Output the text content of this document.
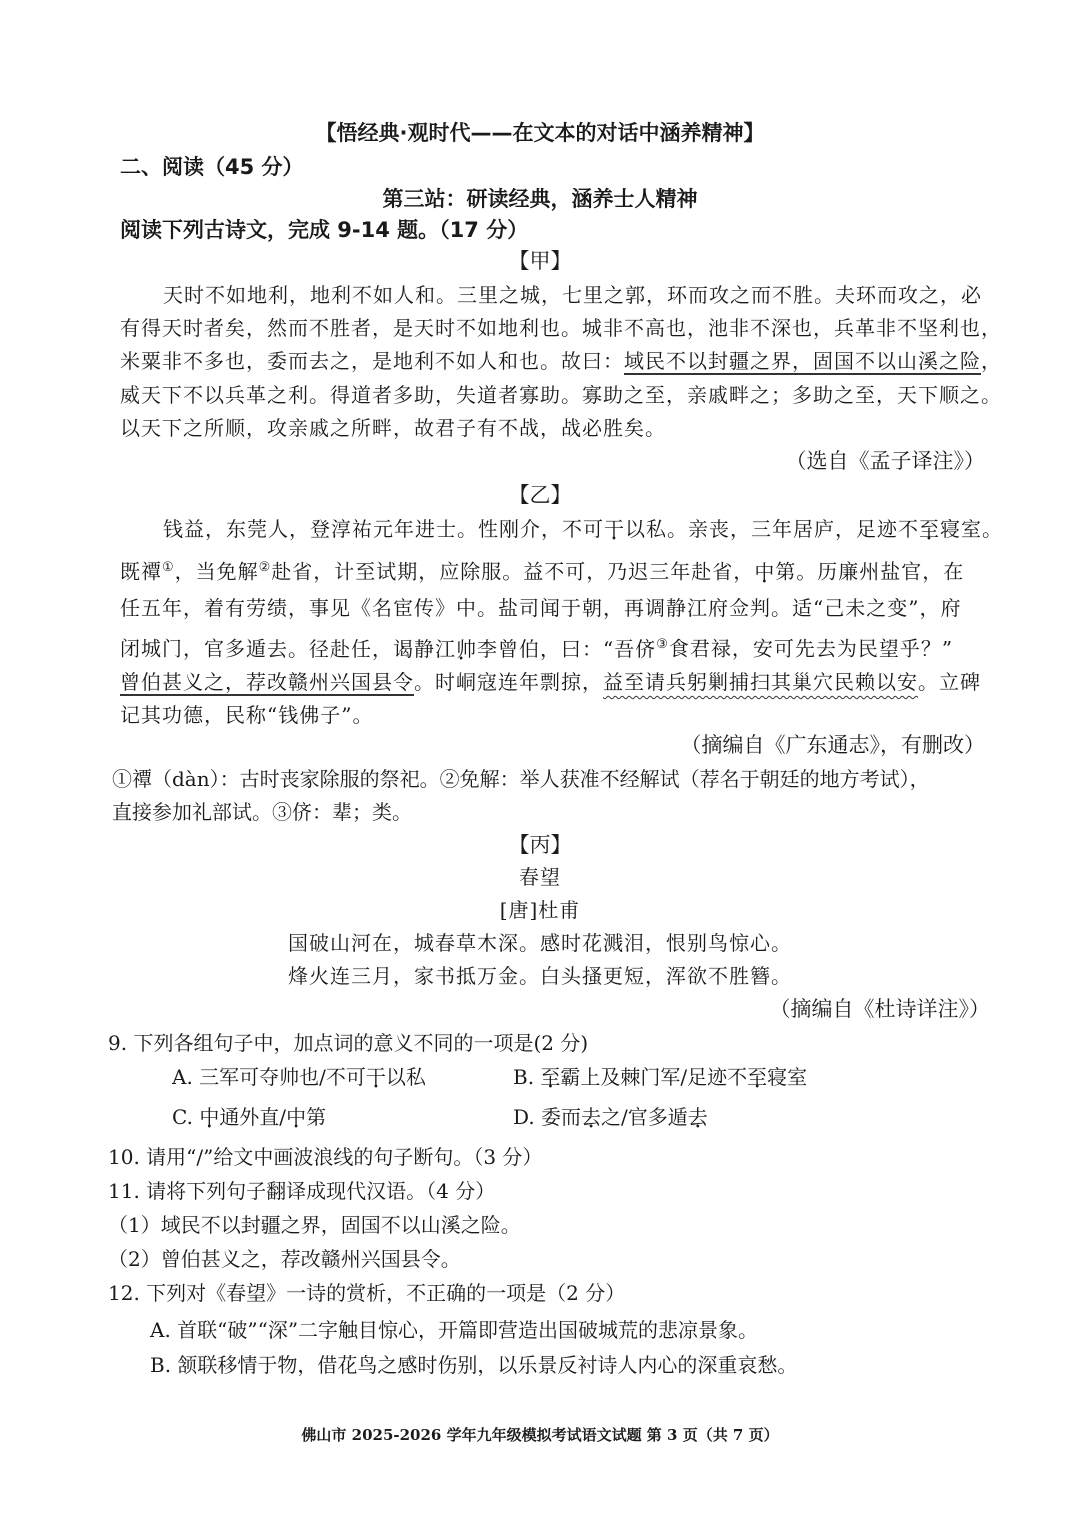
【悟经典·观时代——在文本的对话中涵养精神】
二、阅读（45 分）
第三站：研读经典，涵养士人精神
阅读下列古诗文，完成 9-14 题。（17 分）
【甲】
天时不如地利，地利不如人和。三里之城，七里之郭，环而攻之而不胜。夫环而攻之，必
有得天时者矣，然而不胜者，是天时不如地利也。城非不高也，池非不深也，兵革非不坚利也，
米粟非不多也，委而去之，是地利不如人和也。故曰：域民不以封疆之界，固国不以山溪之险，
威天下不以兵革之利。得道者多助，失道者寡助。寡助之至，亲戚畔之；多助之至，天下顺之。
以天下之所顺，攻亲戚之所畔，故君子有不战，战必胜矣。
（选自《孟子译注》）
【乙】
钱益，东莞人，登淳祐元年进士。性刚介，不可干以私。亲丧，三年居庐，足迹不至寝室。
既禫①，当免解②赴省，计至试期，应除服。益不可，乃迟三年赴省，中第。历廉州盐官，在
任五年，着有劳绩，事见《名宦传》中。盐司闻于朝，再调静江府佥判。适“己未之变”，府
闭城门，官多遁去。径赴任，谒静江帅李曾伯，曰：“吾侪 •③食君禄，安可先去为民望乎？”
曾伯甚义之，荐改赣州兴国县令。时峒寇连年剽掠，益至请兵躬剿捕扫其巢穴民赖以安。立碑
记其功德，民称“钱佛子”。
（摘编自《广东通志》，有删改）
①禫（dàn）：古时丧家除服的祭祀。②免解：举人获准不经解试（荐名于朝廷的地方考试），
直接参加礼部试。③侪：辈；类。
【丙】
春望
[唐]杜甫
国破山河在，城春草木深。感时花溅泪，恨别鸟惊心。
烽火连三月，家书抵万金。白头搔更短，浑欲不胜簪。
（摘编自《杜诗详注》）
9. 下列各组句子中，加点词的意义不同的一项是(2 分)
A. 三军可夺帅也/不可干以私	B. 至霸上及棘门军/足迹不至寝室
C. 中通外直/中第	D. 委而去之/官多遁去
10. 请用“/”给文中画波浪线的句子断句。（3 分）
11. 请将下列句子翻译成现代汉语。（4 分）
（1）域民不以封疆之界，固国不以山溪之险。
（2）曾伯甚义之，荐改赣州兴国县令。
12. 下列对《春望》一诗的赏析，不正确的一项是（2 分）
A. 首联“破”“深”二字触目惊心，开篇即营造出国破城荒的悲凉景象。
B. 颔联移情于物，借花鸟之感时伤别，以乐景反衬诗人内心的深重哀愁。
佛山市 2025-2026 学年九年级模拟考试语文试题 第 3 页（共 7 页）
